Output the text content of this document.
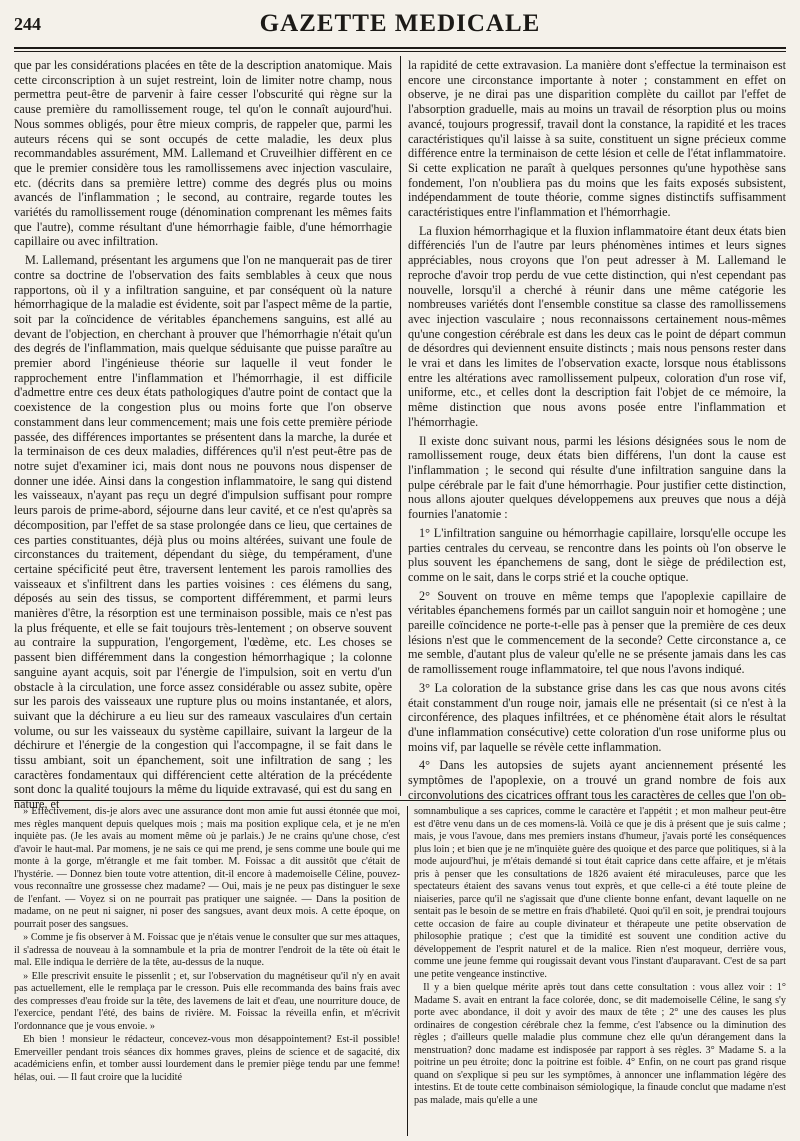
244	GAZETTE MEDICALE

que par les considérations placées en tête de la description anatomique. Mais cette circonscription à un sujet restreint, loin de limiter notre champ, nous permettra peut-être de parvenir à faire cesser l'obscurité qui règne sur la cause première du ramollissement rouge, tel qu'on le connaît aujourd'hui. Nous sommes obligés, pour être mieux compris, de rappeler que, parmi les auteurs récens qui se sont occupés de cette maladie, les deux plus recommandables assurément, MM. Lallemand et Cruveilhier diffèrent en ce que le premier considère tous les ramollissemens avec injection vasculaire, etc. (décrits dans sa première lettre) comme des degrés plus ou moins avancés de l'inflammation ; le second, au contraire, regarde toutes les variétés du ramollissement rouge (dénomination comprenant les mêmes faits que l'autre), comme résultant d'une hémorrhagie faible, d'une hémorrhagie capillaire ou avec infiltration.

M. Lallemand, présentant les argumens que l'on ne manquerait pas de tirer contre sa doctrine de l'observation des faits semblables à ceux que nous rapportons, où il y a infiltration sanguine, et par conséquent où la nature hémorrhagique de la maladie est évidente, soit par l'aspect même de la partie, soit par la coïncidence de véritables épanchemens sanguins, est allé au devant de l'objection, en cherchant à prouver que l'hémorrhagie n'était qu'un des degrés de l'inflammation, mais quelque séduisante que puisse paraître au premier abord l'ingénieuse théorie sur laquelle il veut fonder le rapprochement entre l'inflammation et l'hémorrhagie, il est difficile d'admettre entre ces deux états pathologiques d'autre point de contact que la coexistence de la congestion plus ou moins forte que l'on observe constamment dans leur commencement; mais une fois cette première période passée, des différences importantes se présentent dans la marche, la durée et la terminaison de ces deux maladies, différences qu'il n'est peut-être pas de notre sujet d'examiner ici, mais dont nous ne pouvons nous dispenser de donner une idée. Ainsi dans la congestion inflammatoire, le sang qui distend les vaisseaux, n'ayant pas reçu un degré d'impulsion suffisant pour rompre leurs parois de prime-abord, séjourne dans leur cavité, et ce n'est qu'après sa décomposition, par l'effet de sa stase prolongée dans ce lieu, que certaines de ces parties constituantes, déjà plus ou moins altérées, suivant une foule de circonstances du traitement, dépendant du siège, du tempérament, d'une certaine spécificité peut être, traversent lentement les parois ramollies des vaisseaux et s'infiltrent dans les parties voisines : ces élémens du sang, déposés au sein des tissus, se comportent différemment, et parmi leurs manières d'être, la résorption est une terminaison possible, mais ce n'est pas la plus fréquente, et elle se fait toujours très-lentement ; on observe souvent au contraire la suppuration, l'engorgement, l'œdème, etc. Les choses se passent bien différemment dans la congestion hémorrhagique ; la colonne sanguine ayant acquis, soit par l'énergie de l'impulsion, soit en vertu d'un obstacle à la circulation, une force assez considérable ou assez subite, opère sur les parois des vaisseaux une rupture plus ou moins instantanée, et alors, suivant que la déchirure a eu lieu sur des rameaux vasculaires d'un certain volume, ou sur les vaisseaux du système capillaire, suivant la largeur de la déchirure et l'énergie de la congestion qui l'accompagne, il se fait dans le tissu ambiant, soit un épanchement, soit une infiltration de sang ; les caractères fondamentaux qui différencient cette altération de la précédente sont donc la qualité toujours la même du liquide extravasé, qui est du sang en nature, et

la rapidité de cette extravasion. La manière dont s'effectue la terminaison est encore une circonstance importante à noter ; constamment en effet on observe, je ne dirai pas une disparition complète du caillot par l'effet de l'absorption graduelle, mais au moins un travail de résorption plus ou moins avancé, toujours progressif, travail dont la constance, la rapidité et les traces caractéristiques qu'il laisse à sa suite, constituent un signe précieux comme différence entre la terminaison de cette lésion et celle de l'état inflammatoire. Si cette explication ne paraît à quelques personnes qu'une hypothèse sans fondement, l'on n'oubliera pas du moins que les faits exposés subsistent, indépendamment de toute théorie, comme signes distinctifs suffisamment caractéristiques entre l'inflammation et l'hémorrhagie.

La fluxion hémorrhagique et la fluxion inflammatoire étant deux états bien différenciés l'un de l'autre par leurs phénomènes intimes et leurs signes appréciables, nous croyons que l'on peut adresser à M. Lallemand le reproche d'avoir trop perdu de vue cette distinction, qui n'est cependant pas nouvelle, lorsqu'il a cherché à réunir dans une même catégorie les nombreuses variétés dont l'ensemble constitue sa classe des ramollissemens avec injection vasculaire ; nous reconnaissons certainement nous-mêmes qu'une congestion cérébrale est dans les deux cas le point de départ commun de désordres qui deviennent ensuite distincts ; mais nous pensons rester dans le vrai et dans les limites de l'observation exacte, lorsque nous établissons entre les altérations avec ramollissement pulpeux, coloration d'un rose vif, uniforme, etc., et celles dont la description fait l'objet de ce mémoire, la même distinction que nous avons posée entre l'inflammation et l'hémorrhagie.

Il existe donc suivant nous, parmi les lésions désignées sous le nom de ramollissement rouge, deux états bien différens, l'un dont la cause est l'inflammation ; le second qui résulte d'une infiltration sanguine dans la pulpe cérébrale par le fait d'une hémorrhagie. Pour justifier cette distinction, nous allons ajouter quelques développemens aux preuves que nous a déjà fournies l'anatomie :

1° L'infiltration sanguine ou hémorrhagie capillaire, lorsqu'elle occupe les parties centrales du cerveau, se rencontre dans les points où l'on observe le plus souvent les épanchemens de sang, dont le siège de prédilection est, comme on le sait, dans le corps strié et la couche optique.

2° Souvent on trouve en même temps que l'apoplexie capillaire de véritables épanchemens formés par un caillot sanguin noir et homogène ; une pareille coïncidence ne porte-t-elle pas à penser que la première de ces deux lésions n'est que le commencement de la seconde? Cette circonstance a, ce me semble, d'autant plus de valeur qu'elle ne se présente jamais dans les cas de ramollissement rouge inflammatoire, tel que nous l'avons indiqué.

3° La coloration de la substance grise dans les cas que nous avons cités était constamment d'un rouge noir, jamais elle ne présentait (si ce n'est à la circonférence, des plaques infiltrées, et ce phénomène était alors le résultat d'une inflammation consécutive) cette coloration d'un rose uniforme plus ou moins vif, par laquelle se révèle cette inflammation.

4° Dans les autopsies de sujets ayant anciennement présenté les symptômes de l'apoplexie, on a trouvé un grand nombre de fois aux circonvolutions des cicatrices offrant tous les caractères de celles que l'on ob-

» Effectivement, dis-je alors avec une assurance dont mon amie fut aussi étonnée que moi, mes règles manquent depuis quelques mois ; mais ma position explique cela, et je ne m'en inquiète pas. (Je les avais au moment même où je parlais.) Je ne crains qu'une chose, c'est d'avoir le haut-mal. Par momens, je ne sais ce qui me prend, je sens comme une boule qui me monte à la gorge, m'étrangle et me fait tomber. M. Foissac a dit aussitôt que c'était de l'hystérie. — Donnez bien toute votre attention, dit-il encore à mademoiselle Céline, pouvez-vous reconnaître une grossesse chez madame? — Oui, mais je ne peux pas distinguer le sexe de l'enfant. — Voyez si on ne pourrait pas pratiquer une saignée. — Dans la position de madame, on ne peut ni saigner, ni poser des sangsues, avant deux mois. A cette époque, on pourrait poser des sangsues.

» Comme je fis observer à M. Foissac que je n'étais venue le consulter que sur mes attaques, il s'adressa de nouveau à la somnambule et la pria de montrer l'endroit de la tête où était le mal. Elle indiqua le derrière de la tête, au-dessus de la nuque.

» Elle prescrivit ensuite le pissenlit ; et, sur l'observation du magnétiseur qu'il n'y en avait pas actuellement, elle le remplaça par le cresson. Puis elle recommanda des bains frais avec des compresses d'eau froide sur la tête, des lavemens de lait et d'eau, une nourriture douce, de l'exercice, pendant l'été, des bains de rivière. M. Foissac la réveilla enfin, et m'écrivit l'ordonnance que je vous envoie. »

Eh bien ! monsieur le rédacteur, concevez-vous mon désappointement? Est-il possible! Emerveiller pendant trois séances dix hommes graves, pleins de science et de sagacité, dix académiciens enfin, et tomber aussi lourdement dans le premier piège tendu par une femme! hélas, oui. — Il faut croire que la lucidité

somnambulique a ses caprices, comme le caractère et l'appétit ; et mon malheur peut-être est d'être venu dans un de ces momens-là. Voilà ce que je dis à présent que je suis calme ; mais, je vous l'avoue, dans mes premiers instans d'humeur, j'avais porté les conséquences plus loin ; et bien que je ne m'inquiète guère des quoique et des parce que politiques, si à la mode aujourd'hui, je m'étais demandé si tout était caprice dans cette affaire, et je m'étais pris à penser que les consultations de 1826 avaient été miraculeuses, parce que les spectateurs étaient des savans venus tout exprès, et que celle-ci a été toute pleine de niaiseries, parce qu'il ne s'agissait que d'une cliente bonne enfant, devant laquelle on ne sentait pas le besoin de se mettre en frais d'habileté. Quoi qu'il en soit, je prendrai toujours cette occasion de faire au couple divinateur et thérapeute une petite observation de philosophie pratique ; c'est que la timidité est souvent une condition active du développement de l'esprit naturel et de la malice. Rien n'est moqueur, derrière vous, comme une jeune femme qui rougissait devant vous l'instant d'auparavant. C'est de sa part une petite vengeance instinctive.

Il y a bien quelque mérite après tout dans cette consultation : vous allez voir : 1° Madame S. avait en entrant la face colorée, donc, se dit mademoiselle Céline, le sang s'y porte avec abondance, il doit y avoir des maux de tête ; 2° une des causes les plus ordinaires de congestion cérébrale chez la femme, c'est l'absence ou la diminution des règles ; d'ailleurs quelle maladie plus commune chez elle qu'un dérangement dans la menstruation? donc madame est indisposée par rapport à ses règles. 3° Madame S. a la poitrine un peu étroite; donc la poitrine est foible. 4° Enfin, on ne court pas grand risque quand on s'explique si peu sur les symptômes, à annoncer une inflammation légère des intestins. Et de toute cette combinaison sémiologique, la finaude conclut que madame n'est pas malade, mais qu'elle a une
